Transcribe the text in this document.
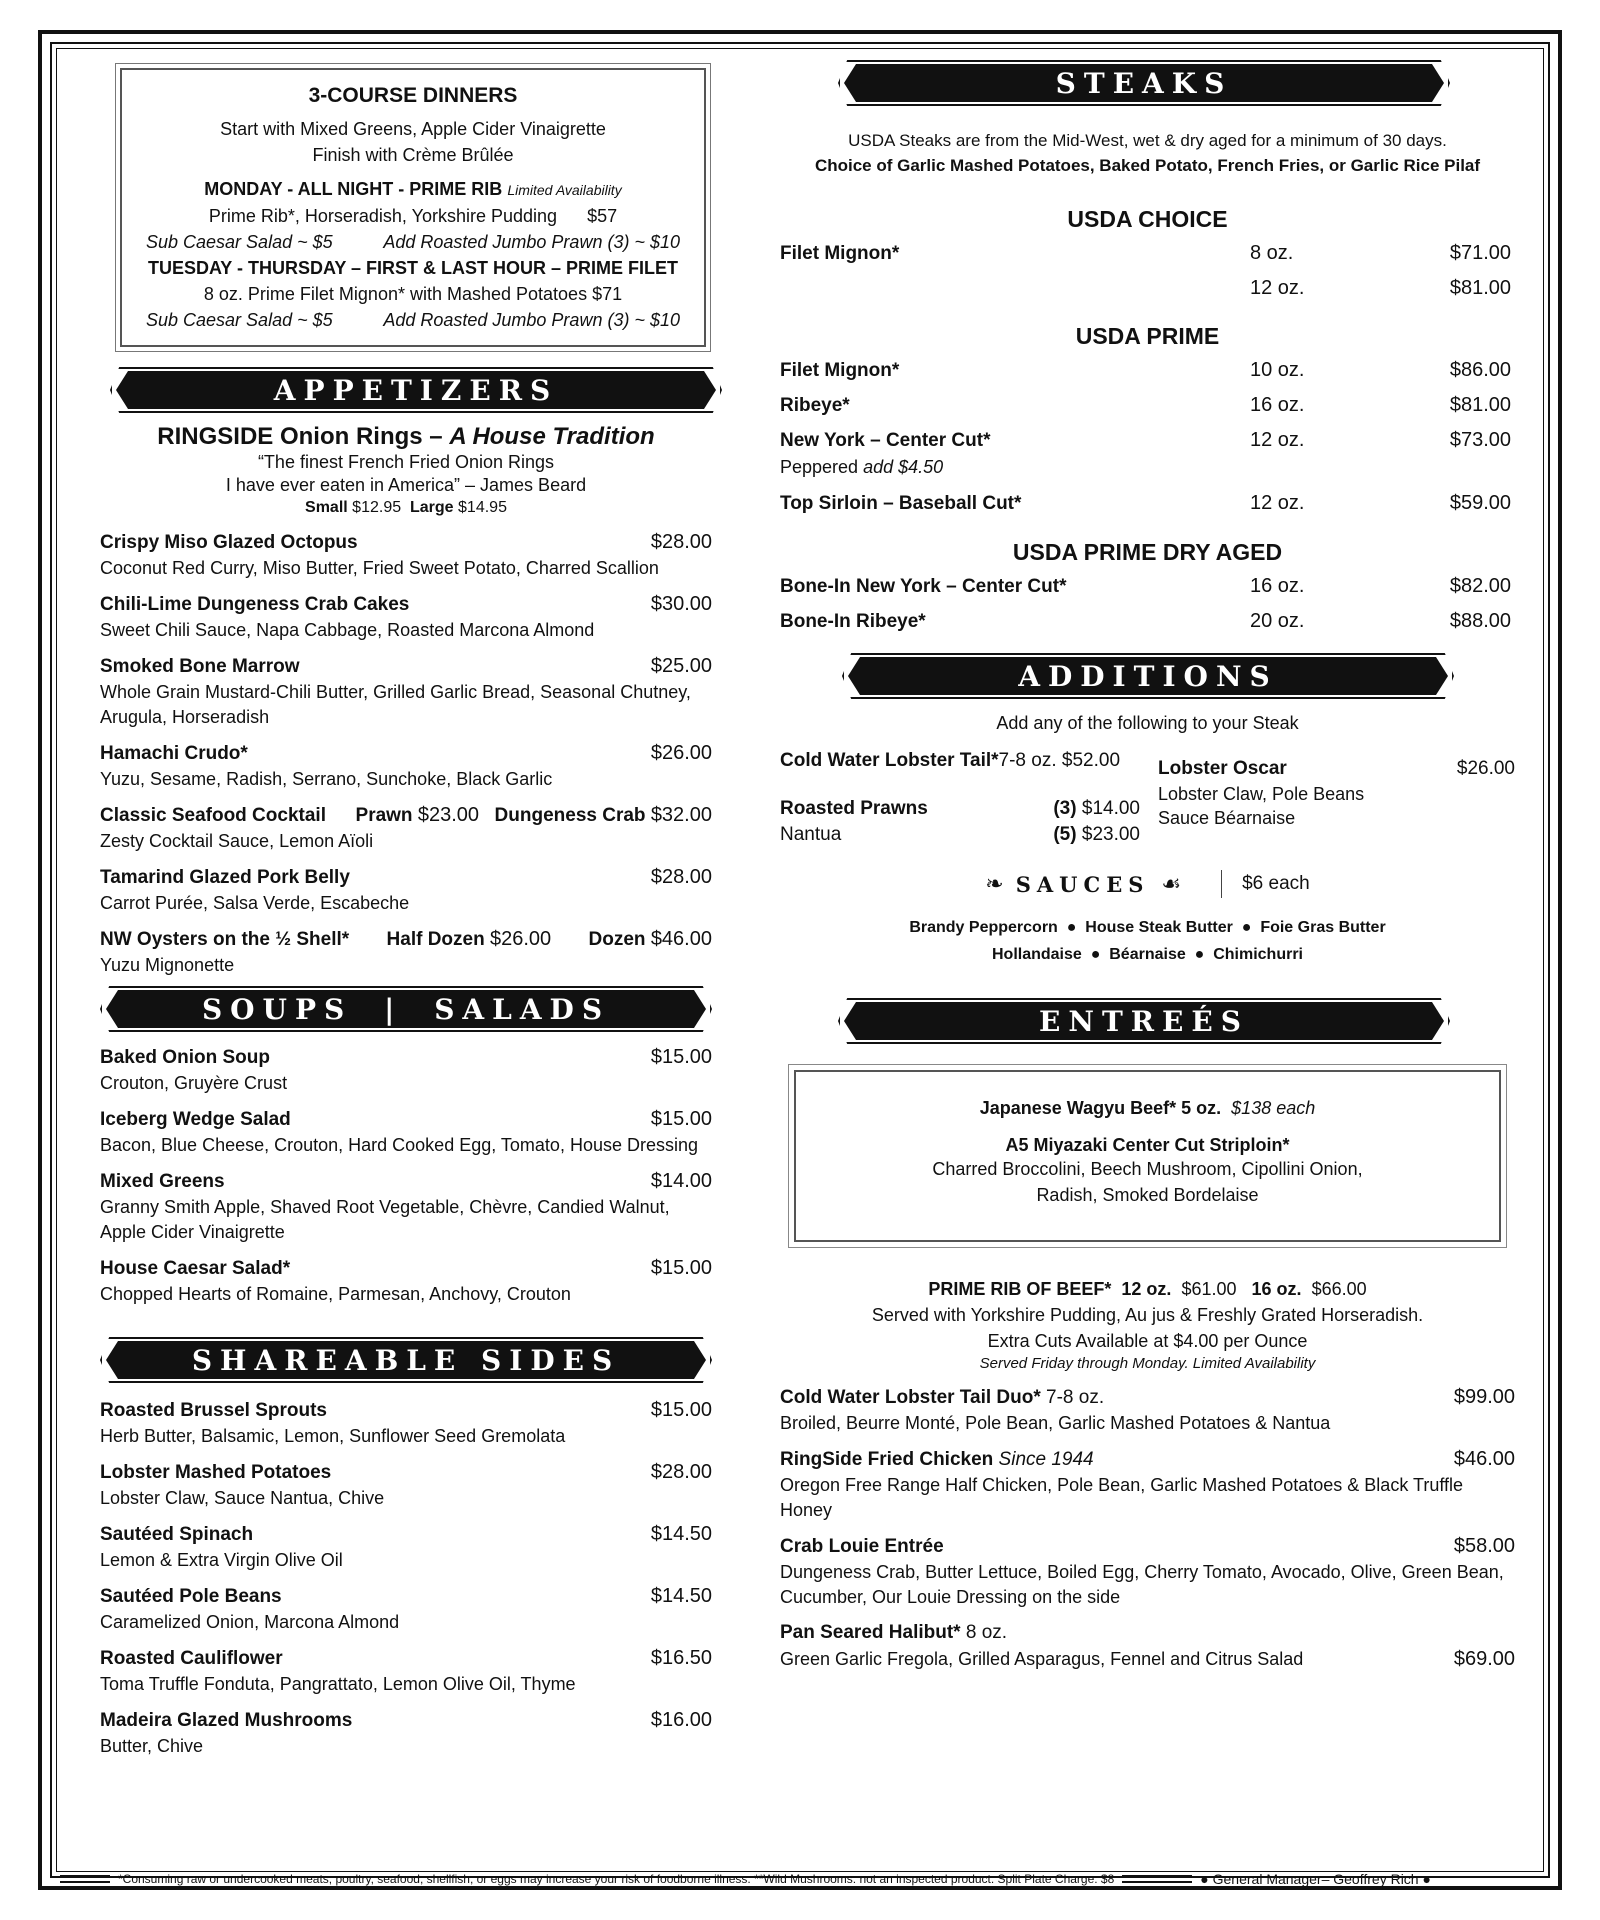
3-COURSE DINNERS
Start with Mixed Greens, Apple Cider Vinaigrette
Finish with Crème Brûlée
MONDAY - ALL NIGHT - PRIME RIB Limited Availability
Prime Rib*, Horseradish, Yorkshire Pudding $57
Sub Caesar Salad ~ $5	Add Roasted Jumbo Prawn (3) ~ $10
TUESDAY - THURSDAY – FIRST & LAST HOUR – PRIME FILET
8 oz. Prime Filet Mignon* with Mashed Potatoes $71
Sub Caesar Salad ~ $5	Add Roasted Jumbo Prawn (3) ~ $10
APPETIZERS
RINGSIDE Onion Rings – A House Tradition
“The finest French Fried Onion Rings
I have ever eaten in America” – James Beard
Small $12.95 Large $14.95
Crispy Miso Glazed Octopus	$28.00
Coconut Red Curry, Miso Butter, Fried Sweet Potato, Charred Scallion
Chili-Lime Dungeness Crab Cakes	$30.00
Sweet Chili Sauce, Napa Cabbage, Roasted Marcona Almond
Smoked Bone Marrow	$25.00
Whole Grain Mustard-Chili Butter, Grilled Garlic Bread, Seasonal Chutney, Arugula, Horseradish
Hamachi Crudo*	$26.00
Yuzu, Sesame, Radish, Serrano, Sunchoke, Black Garlic
Classic Seafood Cocktail Prawn $23.00 Dungeness Crab $32.00
Zesty Cocktail Sauce, Lemon Aïoli
Tamarind Glazed Pork Belly	$28.00
Carrot Purée, Salsa Verde, Escabeche
NW Oysters on the ½ Shell* Half Dozen $26.00 Dozen $46.00
Yuzu Mignonette
SOUPS | SALADS
Baked Onion Soup	$15.00
Crouton, Gruyère Crust
Iceberg Wedge Salad	$15.00
Bacon, Blue Cheese, Crouton, Hard Cooked Egg, Tomato, House Dressing
Mixed Greens	$14.00
Granny Smith Apple, Shaved Root Vegetable, Chèvre, Candied Walnut, Apple Cider Vinaigrette
House Caesar Salad*	$15.00
Chopped Hearts of Romaine, Parmesan, Anchovy, Crouton
SHAREABLE SIDES
Roasted Brussel Sprouts	$15.00
Herb Butter, Balsamic, Lemon, Sunflower Seed Gremolata
Lobster Mashed Potatoes	$28.00
Lobster Claw, Sauce Nantua, Chive
Sautéed Spinach	$14.50
Lemon & Extra Virgin Olive Oil
Sautéed Pole Beans	$14.50
Caramelized Onion, Marcona Almond
Roasted Cauliflower	$16.50
Toma Truffle Fonduta, Pangrattato, Lemon Olive Oil, Thyme
Madeira Glazed Mushrooms	$16.00
Butter, Chive
STEAKS
USDA Steaks are from the Mid-West, wet & dry aged for a minimum of 30 days.
Choice of Garlic Mashed Potatoes, Baked Potato, French Fries, or Garlic Rice Pilaf
USDA CHOICE
Filet Mignon*	8 oz.	$71.00
12 oz.	$81.00
USDA PRIME
Filet Mignon*	10 oz.	$86.00
Ribeye*	16 oz.	$81.00
New York – Center Cut*	12 oz.	$73.00
Peppered add $4.50
Top Sirloin – Baseball Cut*	12 oz.	$59.00
USDA PRIME DRY AGED
Bone-In New York – Center Cut*	16 oz.	$82.00
Bone-In Ribeye*	20 oz.	$88.00
ADDITIONS
Add any of the following to your Steak
Cold Water Lobster Tail*7-8 oz. $52.00
Roasted Prawns	(3) $14.00
Nantua	(5) $23.00
Lobster Oscar	$26.00
Lobster Claw, Pole Beans
Sauce Béarnaise
❧ SAUCES ☙	$6 each
Brandy Peppercorn  ●  House Steak Butter  ●  Foie Gras Butter
Hollandaise  ●  Béarnaise  ●  Chimichurri
ENTREÉS
Japanese Wagyu Beef* 5 oz. $138 each
A5 Miyazaki Center Cut Striploin*
Charred Broccolini, Beech Mushroom, Cipollini Onion,
Radish, Smoked Bordelaise
PRIME RIB OF BEEF* 12 oz. $61.00 16 oz. $66.00
Served with Yorkshire Pudding, Au jus & Freshly Grated Horseradish.
Extra Cuts Available at $4.00 per Ounce
Served Friday through Monday. Limited Availability
Cold Water Lobster Tail Duo* 7-8 oz.	$99.00
Broiled, Beurre Monté, Pole Bean, Garlic Mashed Potatoes & Nantua
RingSide Fried Chicken Since 1944	$46.00
Oregon Free Range Half Chicken, Pole Bean, Garlic Mashed Potatoes & Black Truffle Honey
Crab Louie Entrée	$58.00
Dungeness Crab, Butter Lettuce, Boiled Egg, Cherry Tomato, Avocado, Olive, Green Bean, Cucumber, Our Louie Dressing on the side
Pan Seared Halibut* 8 oz.
Green Garlic Fregola, Grilled Asparagus, Fennel and Citrus Salad	$69.00
*Consuming raw or undercooked meats, poultry, seafood, shellfish, or eggs may increase your risk of foodborne illness. **Wild Mushrooms: not an inspected product. Split Plate Charge: $8	● General Manager– Geoffrey Rich ●
